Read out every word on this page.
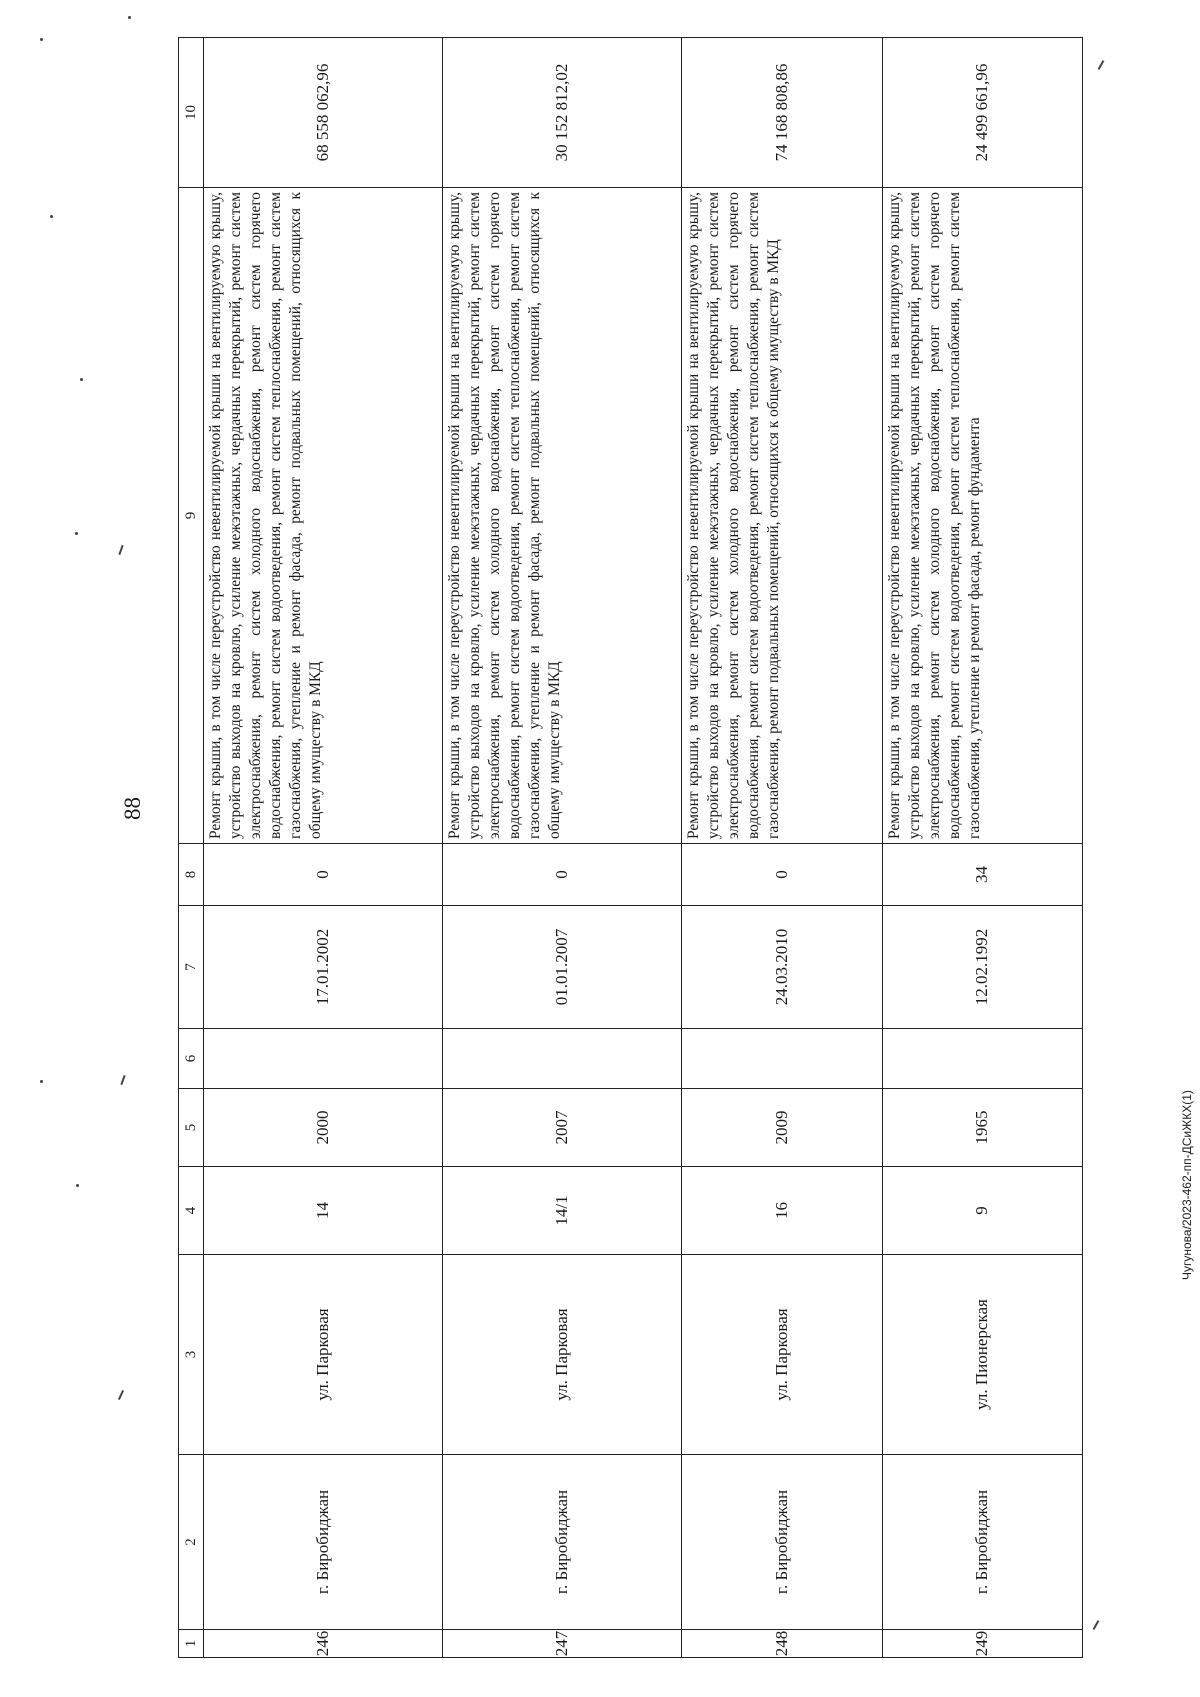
88
Чугунова/2023-462-пп-ДСиЖКХ(1)
1	2	3	4	5	6	7	8	9	10
246	г. Биробиджан	ул. Парковая	14	2000		17.01.2002	0	Ремонт крыши, в том числе переустройство невентилируемой крыши на вентилируемую крышу, устройство выходов на кровлю, усиление межэтажных, чердачных перекрытий, ремонт систем электроснабжения, ремонт систем холодного водоснабжения, ремонт систем горячего водоснабжения, ремонт систем водоотведения, ремонт систем теплоснабжения, ремонт систем газоснабжения, утепление и ремонт фасада, ремонт подвальных помещений, относящихся к общему имуществу в МКД	68 558 062,96
247	г. Биробиджан	ул. Парковая	14/1	2007		01.01.2007	0	Ремонт крыши, в том числе переустройство невентилируемой крыши на вентилируемую крышу, устройство выходов на кровлю, усиление межэтажных, чердачных перекрытий, ремонт систем электроснабжения, ремонт систем холодного водоснабжения, ремонт систем горячего водоснабжения, ремонт систем водоотведения, ремонт систем теплоснабжения, ремонт систем газоснабжения, утепление и ремонт фасада, ремонт подвальных помещений, относящихся к общему имуществу в МКД	30 152 812,02
248	г. Биробиджан	ул. Парковая	16	2009		24.03.2010	0	Ремонт крыши, в том числе переустройство невентилируемой крыши на вентилируемую крышу, устройство выходов на кровлю, усиление межэтажных, чердачных перекрытий, ремонт систем электроснабжения, ремонт систем холодного водоснабжения, ремонт систем горячего водоснабжения, ремонт систем водоотведения, ремонт систем теплоснабжения, ремонт систем газоснабжения, ремонт подвальных помещений, относящихся к общему имуществу в МКД	74 168 808,86
249	г. Биробиджан	ул. Пионерская	9	1965		12.02.1992	34	Ремонт крыши, в том числе переустройство невентилируемой крыши на вентилируемую крышу, устройство выходов на кровлю, усиление межэтажных, чердачных перекрытий, ремонт систем электроснабжения, ремонт систем холодного водоснабжения, ремонт систем горячего водоснабжения, ремонт систем водоотведения, ремонт систем теплоснабжения, ремонт систем газоснабжения, утепление и ремонт фасада, ремонт фундамента	24 499 661,96
